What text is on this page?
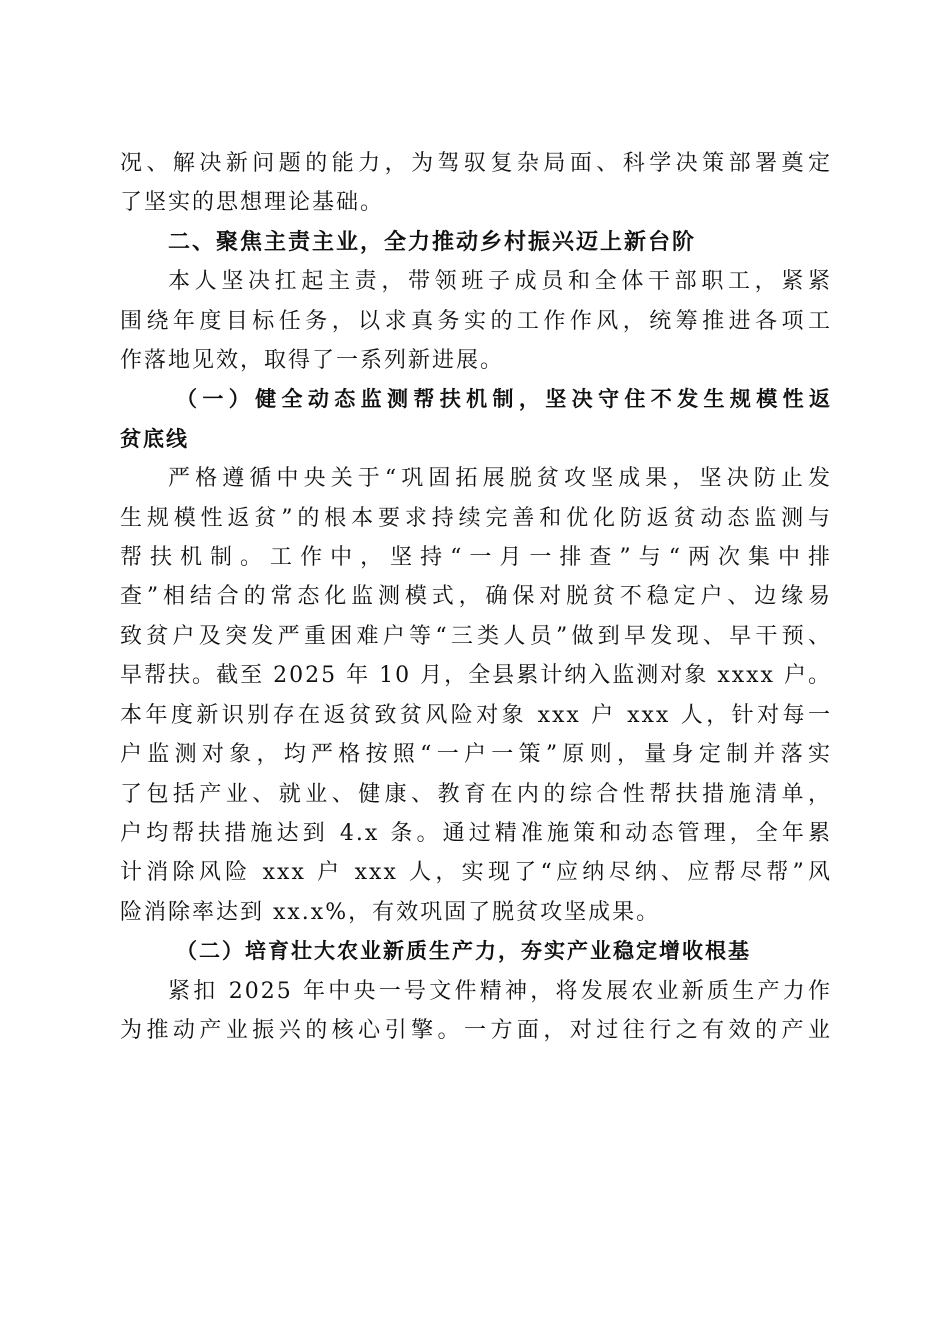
况、解决新问题的能力，为驾驭复杂局面、科学决策部署奠定
了坚实的思想理论基础。
二、聚焦主责主业，全力推动乡村振兴迈上新台阶
本人坚决扛起主责，带领班子成员和全体干部职工，紧紧
围绕年度目标任务，以求真务实的工作作风，统筹推进各项工
作落地见效，取得了一系列新进展。
（一）健全动态监测帮扶机制，坚决守住不发生规模性返
贫底线
严格遵循中央关于“巩固拓展脱贫攻坚成果，坚决防止发
生规模性返贫”的根本要求持续完善和优化防返贫动态监测与
帮扶机制。工作中，坚持“一月一排查”与“两次集中排
查”相结合的常态化监测模式，确保对脱贫不稳定户、边缘易
致贫户及突发严重困难户等“三类人员”做到早发现、早干预、
早帮扶。截至 2025 年 10 月，全县累计纳入监测对象 xxxx 户。
本年度新识别存在返贫致贫风险对象 xxx 户 xxx 人，针对每一
户监测对象，均严格按照“一户一策”原则，量身定制并落实
了包括产业、就业、健康、教育在内的综合性帮扶措施清单，
户均帮扶措施达到 4.x 条。通过精准施策和动态管理，全年累
计消除风险 xxx 户 xxx 人，实现了“应纳尽纳、应帮尽帮”风
险消除率达到 xx.x%，有效巩固了脱贫攻坚成果。
（二）培育壮大农业新质生产力，夯实产业稳定增收根基
紧扣 2025 年中央一号文件精神，将发展农业新质生产力作
为推动产业振兴的核心引擎。一方面，对过往行之有效的产业
